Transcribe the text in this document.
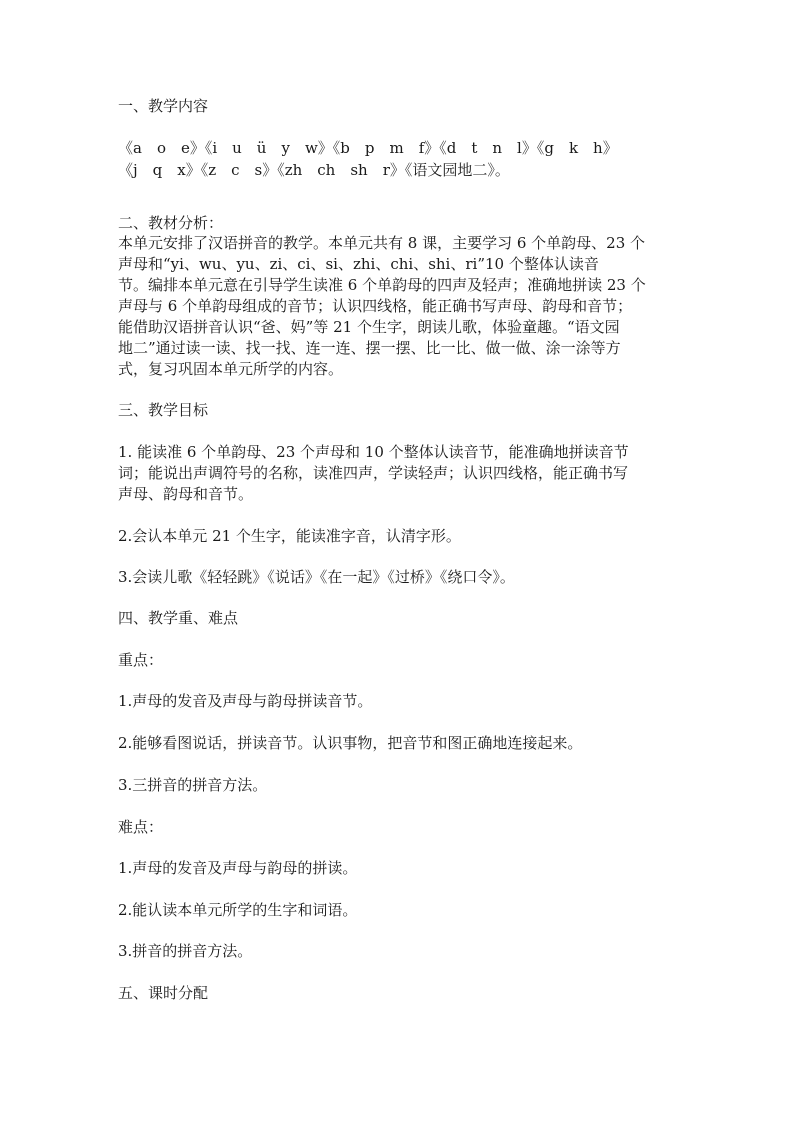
一、教学内容
《a　o　e》《i　u　ü　y　w》《b　p　m　f》《d　t　n　l》《g　k　h》
《j　q　x》《z　c　s》《zh　ch　sh　r》《语文园地二》。
二、教材分析：
本单元安排了汉语拼音的教学。本单元共有 8 课，主要学习 6 个单韵母、23 个
声母和“yi、wu、yu、zi、ci、si、zhi、chi、shi、ri”10 个整体认读音
节。编排本单元意在引导学生读准 6 个单韵母的四声及轻声；准确地拼读 23 个
声母与 6 个单韵母组成的音节；认识四线格，能正确书写声母、韵母和音节；
能借助汉语拼音认识“爸、妈”等 21 个生字，朗读儿歌，体验童趣。“语文园
地二”通过读一读、找一找、连一连、摆一摆、比一比、做一做、涂一涂等方
式，复习巩固本单元所学的内容。
三、教学目标
1. 能读准 6 个单韵母、23 个声母和 10 个整体认读音节，能准确地拼读音节
词；能说出声调符号的名称，读准四声，学读轻声；认识四线格，能正确书写
声母、韵母和音节。
2.会认本单元 21 个生字，能读准字音，认清字形。
3.会读儿歌《轻轻跳》《说话》《在一起》《过桥》《绕口令》。
四、教学重、难点
重点：
1.声母的发音及声母与韵母拼读音节。
2.能够看图说话，拼读音节。认识事物，把音节和图正确地连接起来。
3.三拼音的拼音方法。
难点：
1.声母的发音及声母与韵母的拼读。
2.能认读本单元所学的生字和词语。
3.拼音的拼音方法。
五、课时分配
